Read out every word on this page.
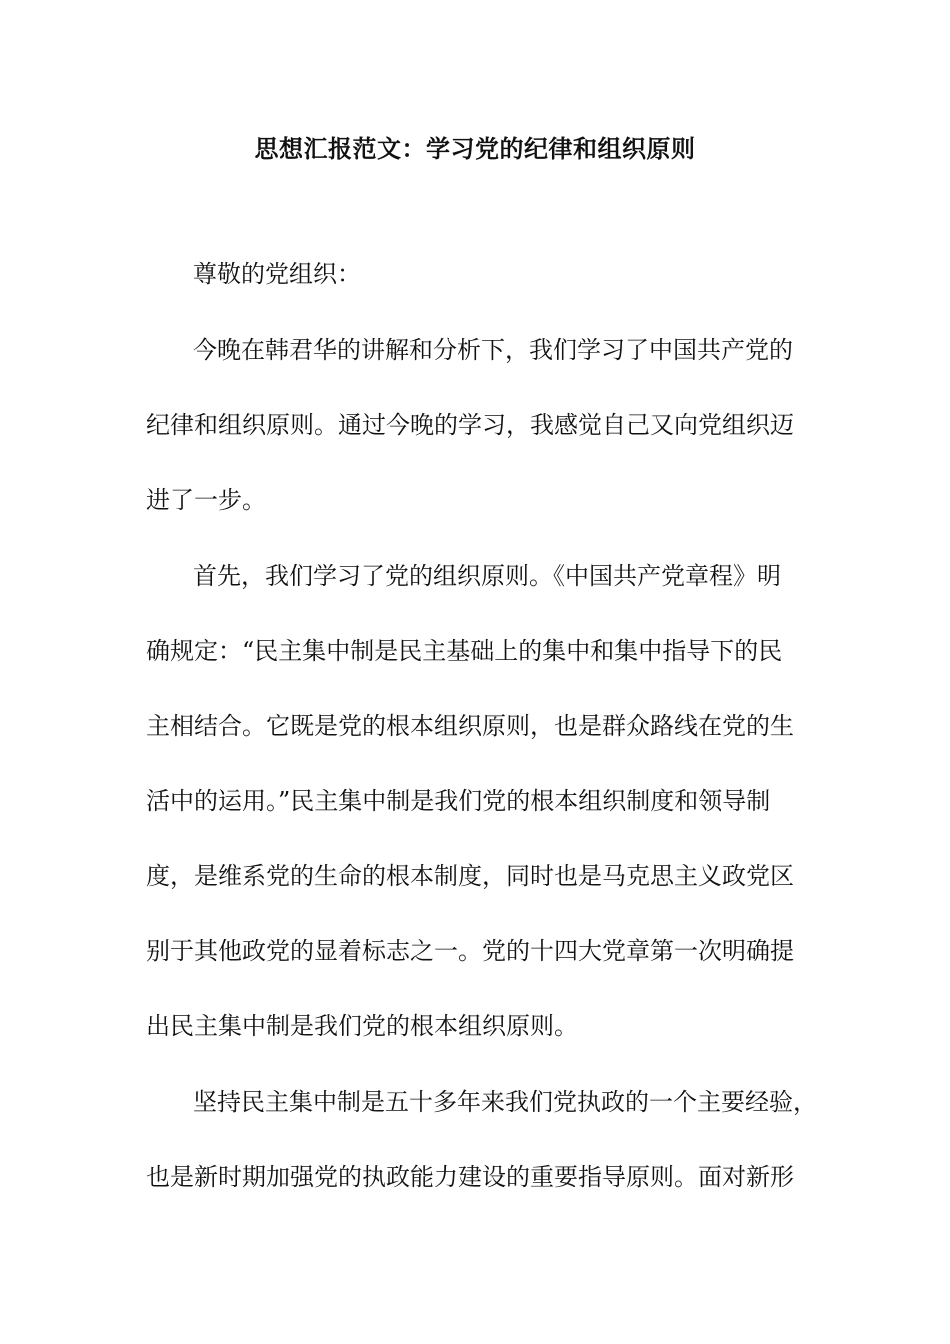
思想汇报范文：学习党的纪律和组织原则
尊敬的党组织：
今晚在韩君华的讲解和分析下，我们学习了中国共产党的
纪律和组织原则。通过今晚的学习，我感觉自己又向党组织迈
进了一步。
首先，我们学习了党的组织原则。《中国共产党章程》明
确规定：“民主集中制是民主基础上的集中和集中指导下的民
主相结合。它既是党的根本组织原则，也是群众路线在党的生
活中的运用。”民主集中制是我们党的根本组织制度和领导制
度，是维系党的生命的根本制度，同时也是马克思主义政党区
别于其他政党的显着标志之一。党的十四大党章第一次明确提
出民主集中制是我们党的根本组织原则。
坚持民主集中制是五十多年来我们党执政的一个主要经验，
也是新时期加强党的执政能力建设的重要指导原则。面对新形
